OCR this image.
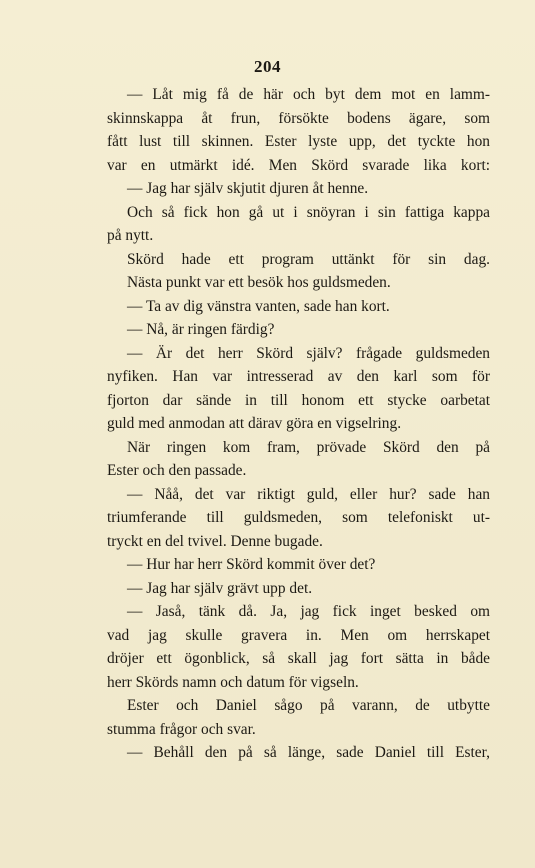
204
— Låt mig få de här och byt dem mot en lamm-
skinnskappa åt frun, försökte bodens ägare, som
fått lust till skinnen. Ester lyste upp, det tyckte hon
var en utmärkt idé. Men Skörd svarade lika kort:
— Jag har själv skjutit djuren åt henne.
Och så fick hon gå ut i snöyran i sin fattiga kappa
på nytt.
Skörd hade ett program uttänkt för sin dag.
Nästa punkt var ett besök hos guldsmeden.
— Ta av dig vänstra vanten, sade han kort.
— Nå, är ringen färdig?
— Är det herr Skörd själv? frågade guldsmeden
nyfiken. Han var intresserad av den karl som för
fjorton dar sände in till honom ett stycke oarbetat
guld med anmodan att därav göra en vigselring.
När ringen kom fram, prövade Skörd den på
Ester och den passade.
— Nåå, det var riktigt guld, eller hur? sade han
triumferande till guldsmeden, som telefoniskt ut-
tryckt en del tvivel. Denne bugade.
— Hur har herr Skörd kommit över det?
— Jag har själv grävt upp det.
— Jaså, tänk då. Ja, jag fick inget besked om
vad jag skulle gravera in. Men om herrskapet
dröjer ett ögonblick, så skall jag fort sätta in både
herr Skörds namn och datum för vigseln.
Ester och Daniel sågo på varann, de utbytte
stumma frågor och svar.
— Behåll den på så länge, sade Daniel till Ester,
